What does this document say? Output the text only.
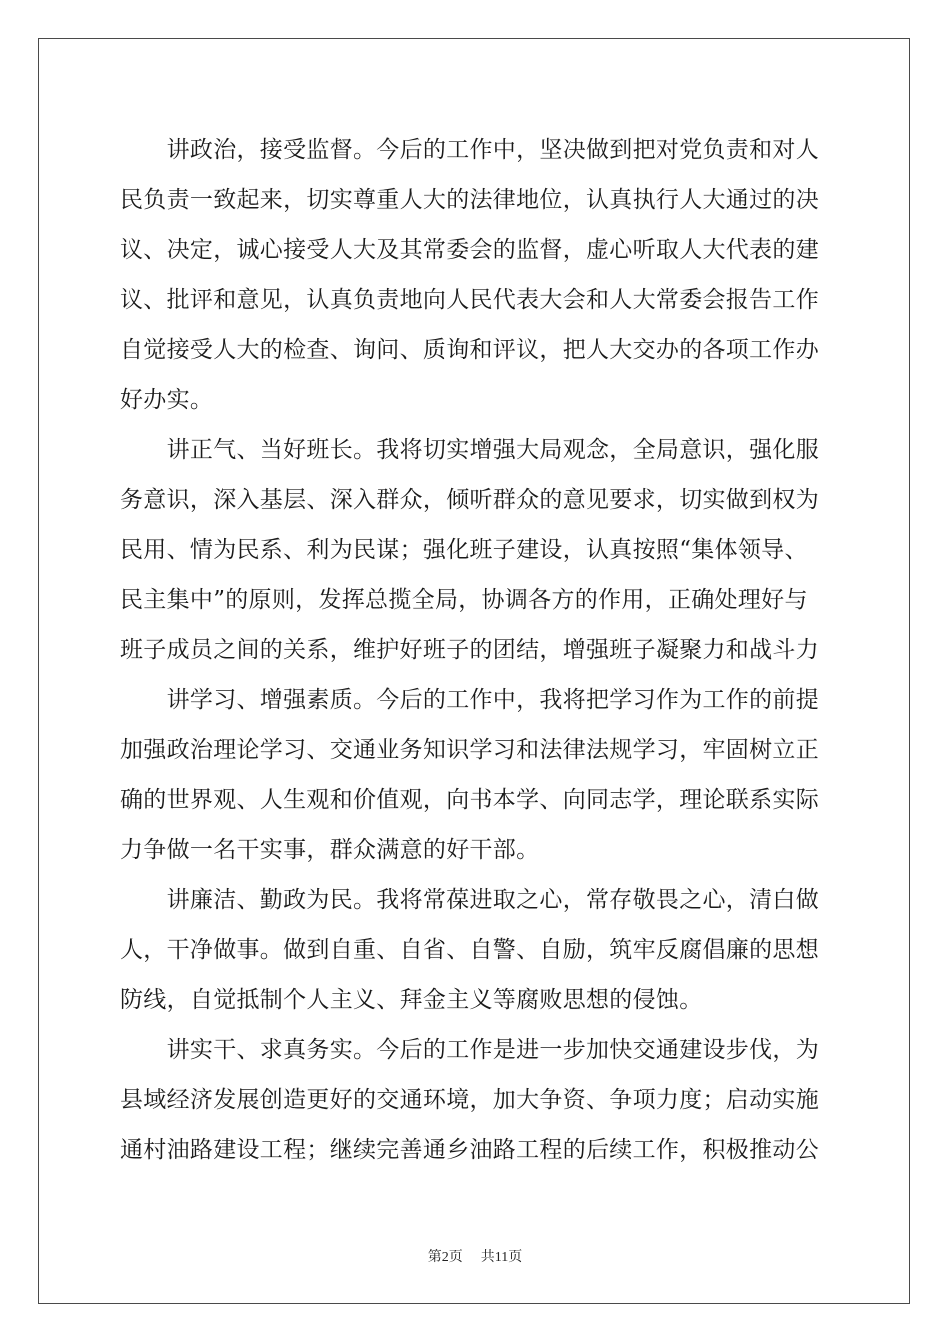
　　讲政治，接受监督。今后的工作中，坚决做到把对党负责和对人
民负责一致起来，切实尊重人大的法律地位，认真执行人大通过的决
议、决定，诚心接受人大及其常委会的监督，虚心听取人大代表的建
议、批评和意见，认真负责地向人民代表大会和人大常委会报告工作
自觉接受人大的检查、询问、质询和评议，把人大交办的各项工作办
好办实。
　　讲正气、当好班长。我将切实增强大局观念，全局意识，强化服
务意识，深入基层、深入群众，倾听群众的意见要求，切实做到权为
民用、情为民系、利为民谋；强化班子建设，认真按照“集体领导、
民主集中”的原则，发挥总揽全局，协调各方的作用，正确处理好与
班子成员之间的关系，维护好班子的团结，增强班子凝聚力和战斗力
　　讲学习、增强素质。今后的工作中，我将把学习作为工作的前提
加强政治理论学习、交通业务知识学习和法律法规学习，牢固树立正
确的世界观、人生观和价值观，向书本学、向同志学，理论联系实际
力争做一名干实事，群众满意的好干部。
　　讲廉洁、勤政为民。我将常葆进取之心，常存敬畏之心，清白做
人，干净做事。做到自重、自省、自警、自励，筑牢反腐倡廉的思想
防线，自觉抵制个人主义、拜金主义等腐败思想的侵蚀。
　　讲实干、求真务实。今后的工作是进一步加快交通建设步伐，为
县域经济发展创造更好的交通环境，加大争资、争项力度；启动实施
通村油路建设工程；继续完善通乡油路工程的后续工作，积极推动公
第2页 共11页
